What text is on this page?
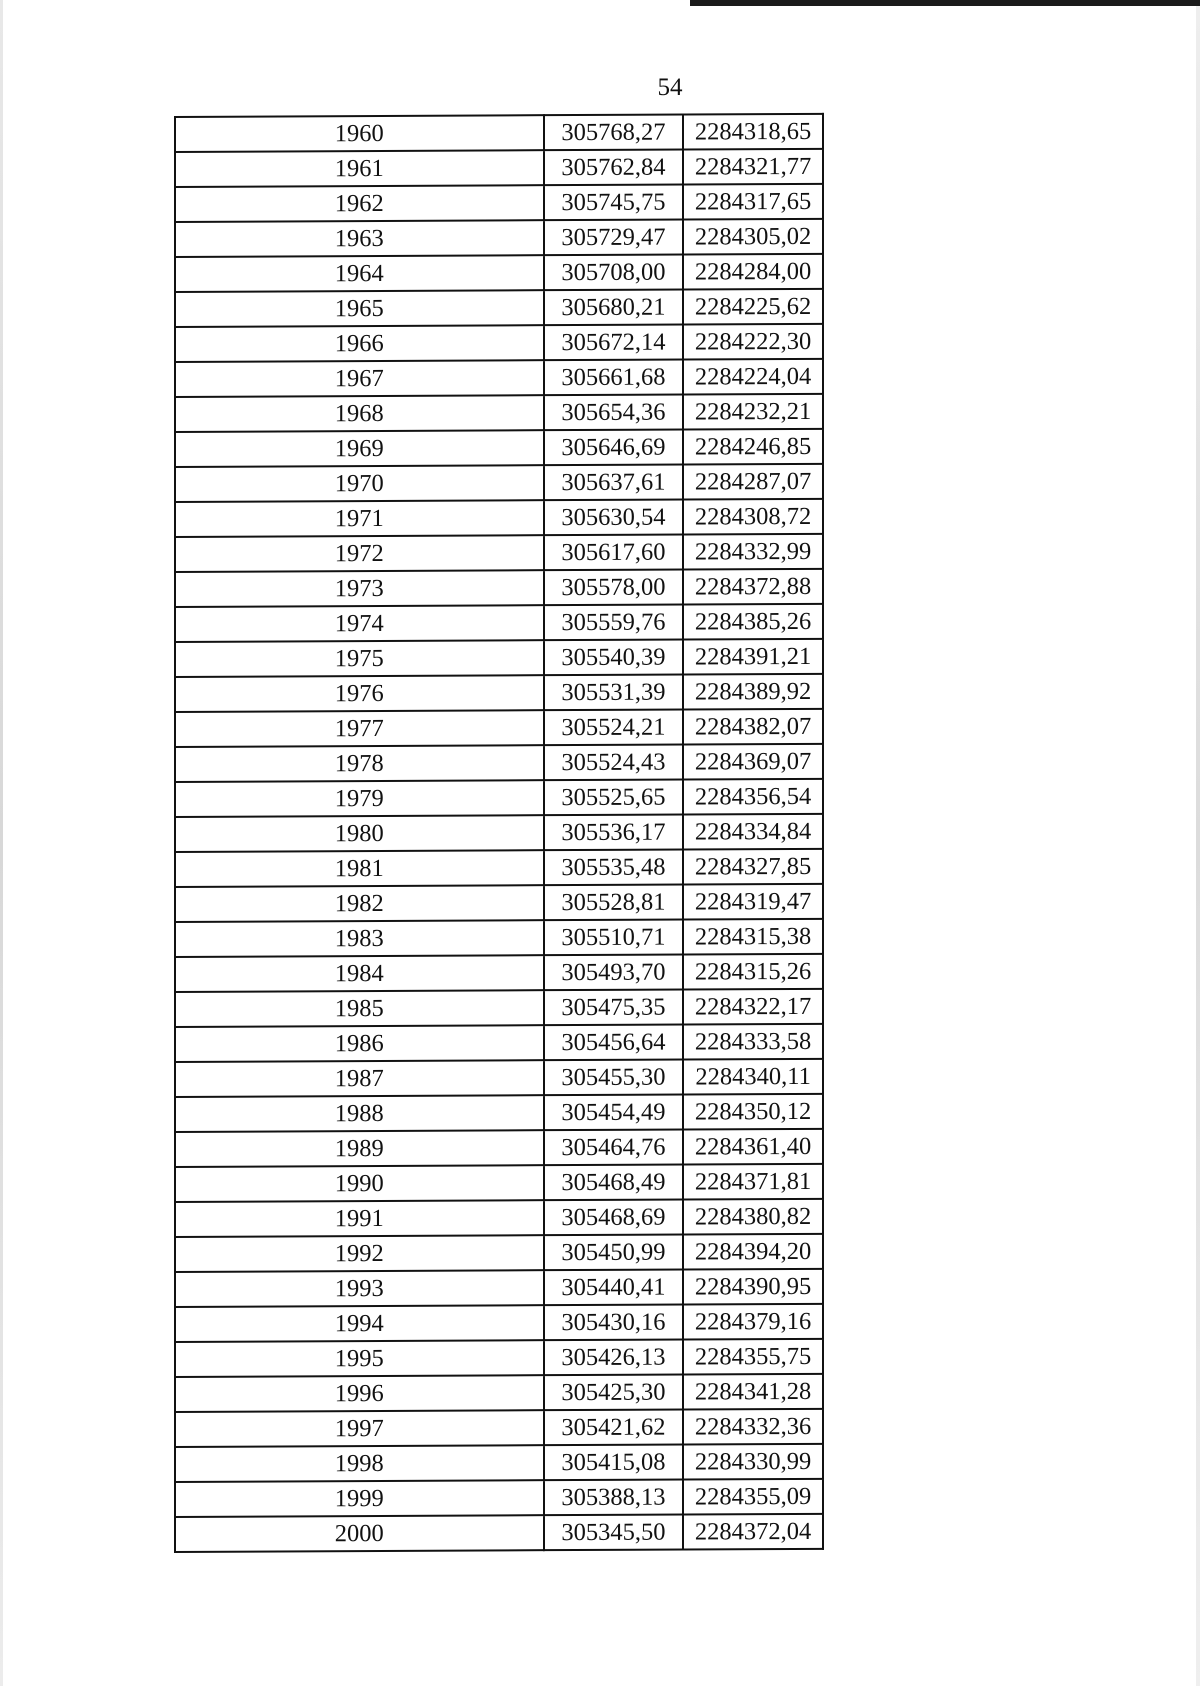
54
1960	305768,27	2284318,65
1961	305762,84	2284321,77
1962	305745,75	2284317,65
1963	305729,47	2284305,02
1964	305708,00	2284284,00
1965	305680,21	2284225,62
1966	305672,14	2284222,30
1967	305661,68	2284224,04
1968	305654,36	2284232,21
1969	305646,69	2284246,85
1970	305637,61	2284287,07
1971	305630,54	2284308,72
1972	305617,60	2284332,99
1973	305578,00	2284372,88
1974	305559,76	2284385,26
1975	305540,39	2284391,21
1976	305531,39	2284389,92
1977	305524,21	2284382,07
1978	305524,43	2284369,07
1979	305525,65	2284356,54
1980	305536,17	2284334,84
1981	305535,48	2284327,85
1982	305528,81	2284319,47
1983	305510,71	2284315,38
1984	305493,70	2284315,26
1985	305475,35	2284322,17
1986	305456,64	2284333,58
1987	305455,30	2284340,11
1988	305454,49	2284350,12
1989	305464,76	2284361,40
1990	305468,49	2284371,81
1991	305468,69	2284380,82
1992	305450,99	2284394,20
1993	305440,41	2284390,95
1994	305430,16	2284379,16
1995	305426,13	2284355,75
1996	305425,30	2284341,28
1997	305421,62	2284332,36
1998	305415,08	2284330,99
1999	305388,13	2284355,09
2000	305345,50	2284372,04
